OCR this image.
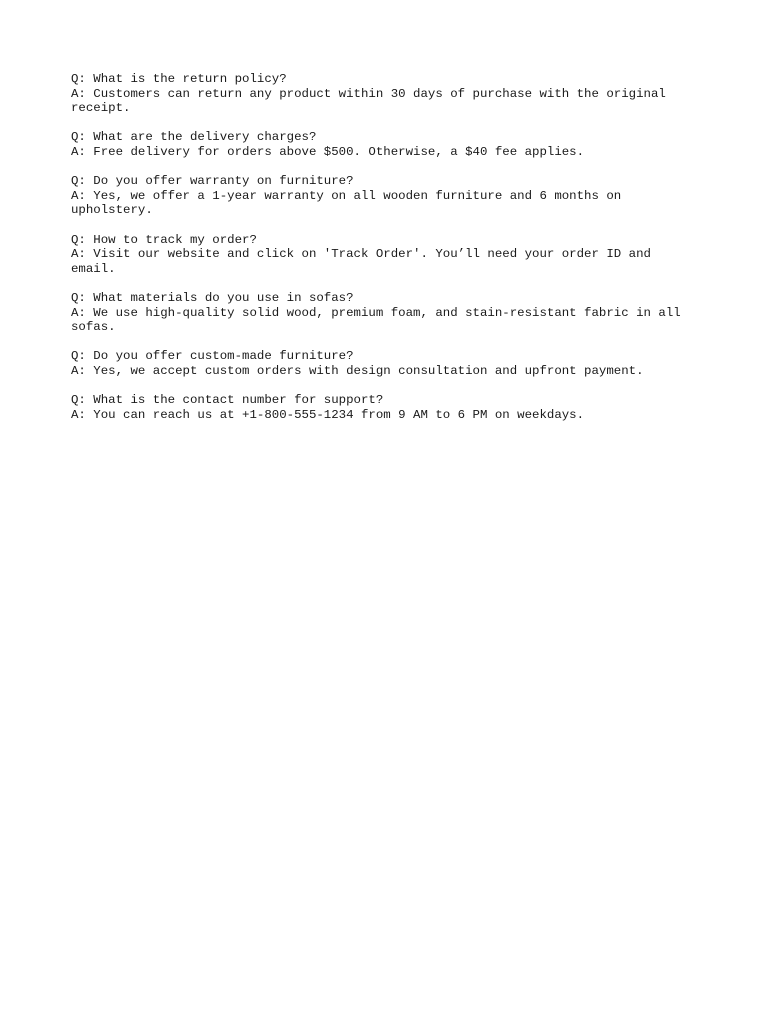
Q: What is the return policy?
A: Customers can return any product within 30 days of purchase with the original
receipt.
Q: What are the delivery charges?
A: Free delivery for orders above $500. Otherwise, a $40 fee applies.
Q: Do you offer warranty on furniture?
A: Yes, we offer a 1-year warranty on all wooden furniture and 6 months on
upholstery.
Q: How to track my order?
A: Visit our website and click on 'Track Order'. You’ll need your order ID and
email.
Q: What materials do you use in sofas?
A: We use high-quality solid wood, premium foam, and stain-resistant fabric in all
sofas.
Q: Do you offer custom-made furniture?
A: Yes, we accept custom orders with design consultation and upfront payment.
Q: What is the contact number for support?
A: You can reach us at +1-800-555-1234 from 9 AM to 6 PM on weekdays.
